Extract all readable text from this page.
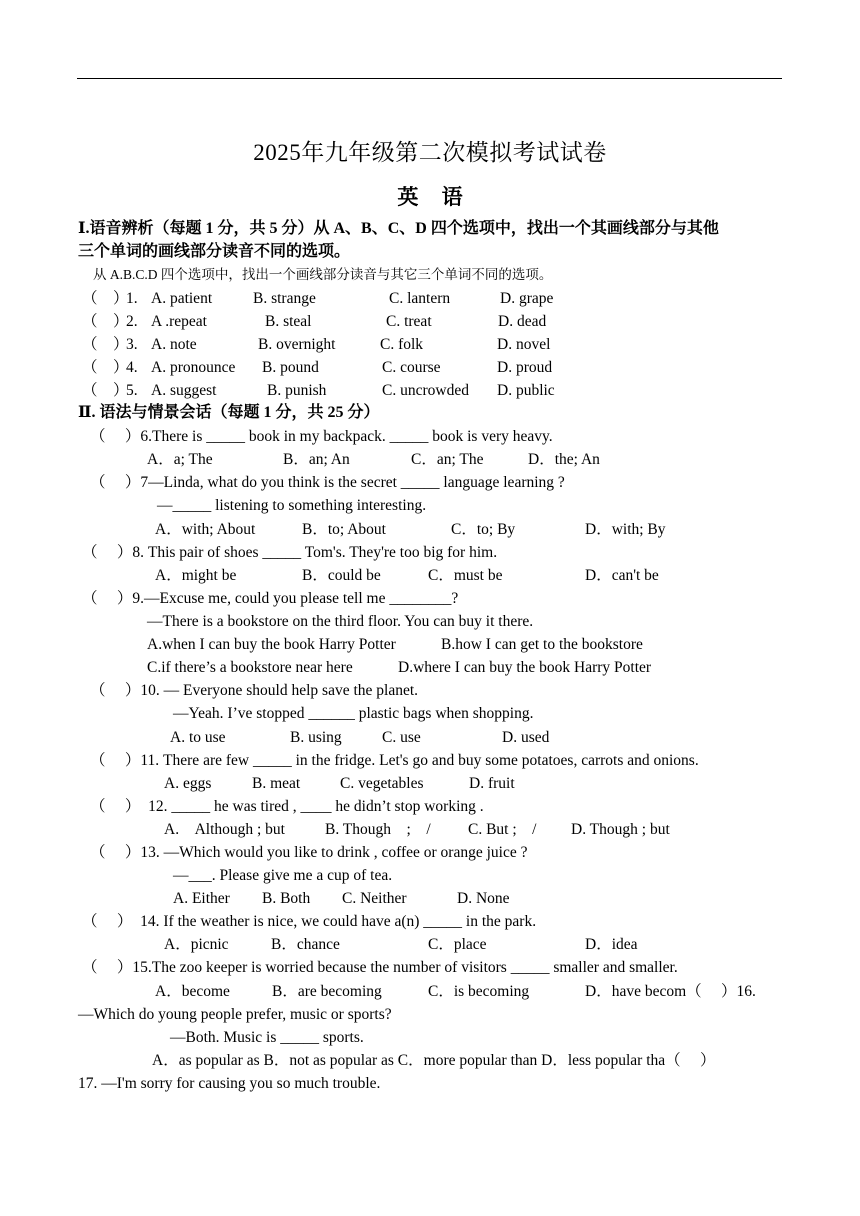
2025年九年级第二次模拟考试试卷
英 语
Ⅰ.语音辨析（每题 1 分，共 5 分）从 A、B、C、D 四个选项中，找出一个其画线部分与其他
三个单词的画线部分读音不同的选项。
从 A.B.C.D 四个选项中，找出一个画线部分读音与其它三个单词不同的选项。
（　）
1. A. patient	B. strange	C. lantern	D. grape
（　）
2. A .repeat	B. steal	C. treat	D. dead
（　）
3. A. note	B. overnight	C. folk	D. novel
（　）
4. A. pronounce B. pound	C. course	D. proud
（　）
5. A. suggest	B. punish	C. uncrowded D. public
Ⅱ. 语法与情景会话（每题 1 分，共 25 分）
（　 ）6.There is _____ book in my backpack. _____ book is very heavy.
A．a; The	B．an; An	C．an; The	D．the; An
（　 ）7—Linda, what do you think is the secret _____ language learning ?
—_____ listening to something interesting.
A．with; About	B．to; About	C．to; By	D．with; By
（　 ）8. This pair of shoes _____ Tom's. They're too big for him.
A．might be	B．could be	C．must be	D．can't be
（　 ）9.—Excuse me, could you please tell me ________?
—There is a bookstore on the third floor. You can buy it there.
A.when I can buy the book Harry Potter	B.how I can get to the bookstore
C.if there’s a bookstore near here	D.where I can buy the book Harry Potter
（　 ）10. — Everyone should help save the planet.
—Yeah. I’ve stopped ______ plastic bags when shopping.
A. to use	B. using	C. use	D. used
（　 ）11. There are few _____ in the fridge. Let's go and buy some potatoes, carrots and onions.
A. eggs	B. meat	C. vegetables	D. fruit
（　 ）　12. _____ he was tired , ____ he didn’t stop working .
A.　Although ; but	B. Though　;　/ C. But ;　/ D. Though ; but
（　 ）13. —Which would you like to drink , coffee or orange juice ?
—___. Please give me a cup of tea.
A. Either B. Both C. Neither	D. None
（　 ）　14. If the weather is nice, we could have a(n) _____ in the park.
A．picnic	B．chance	C．place	D．idea
（　 ）15.The zoo keeper is worried because the number of visitors _____ smaller and smaller.
A．become	B．are becoming	C．is becoming	D．have becom（　 ）16.
—Which do young people prefer, music or sports?
—Both. Music is _____ sports.
A．as popular as B．not as popular as C．more popular than D．less popular tha（　 ）
17. —I'm sorry for causing you so much trouble.
